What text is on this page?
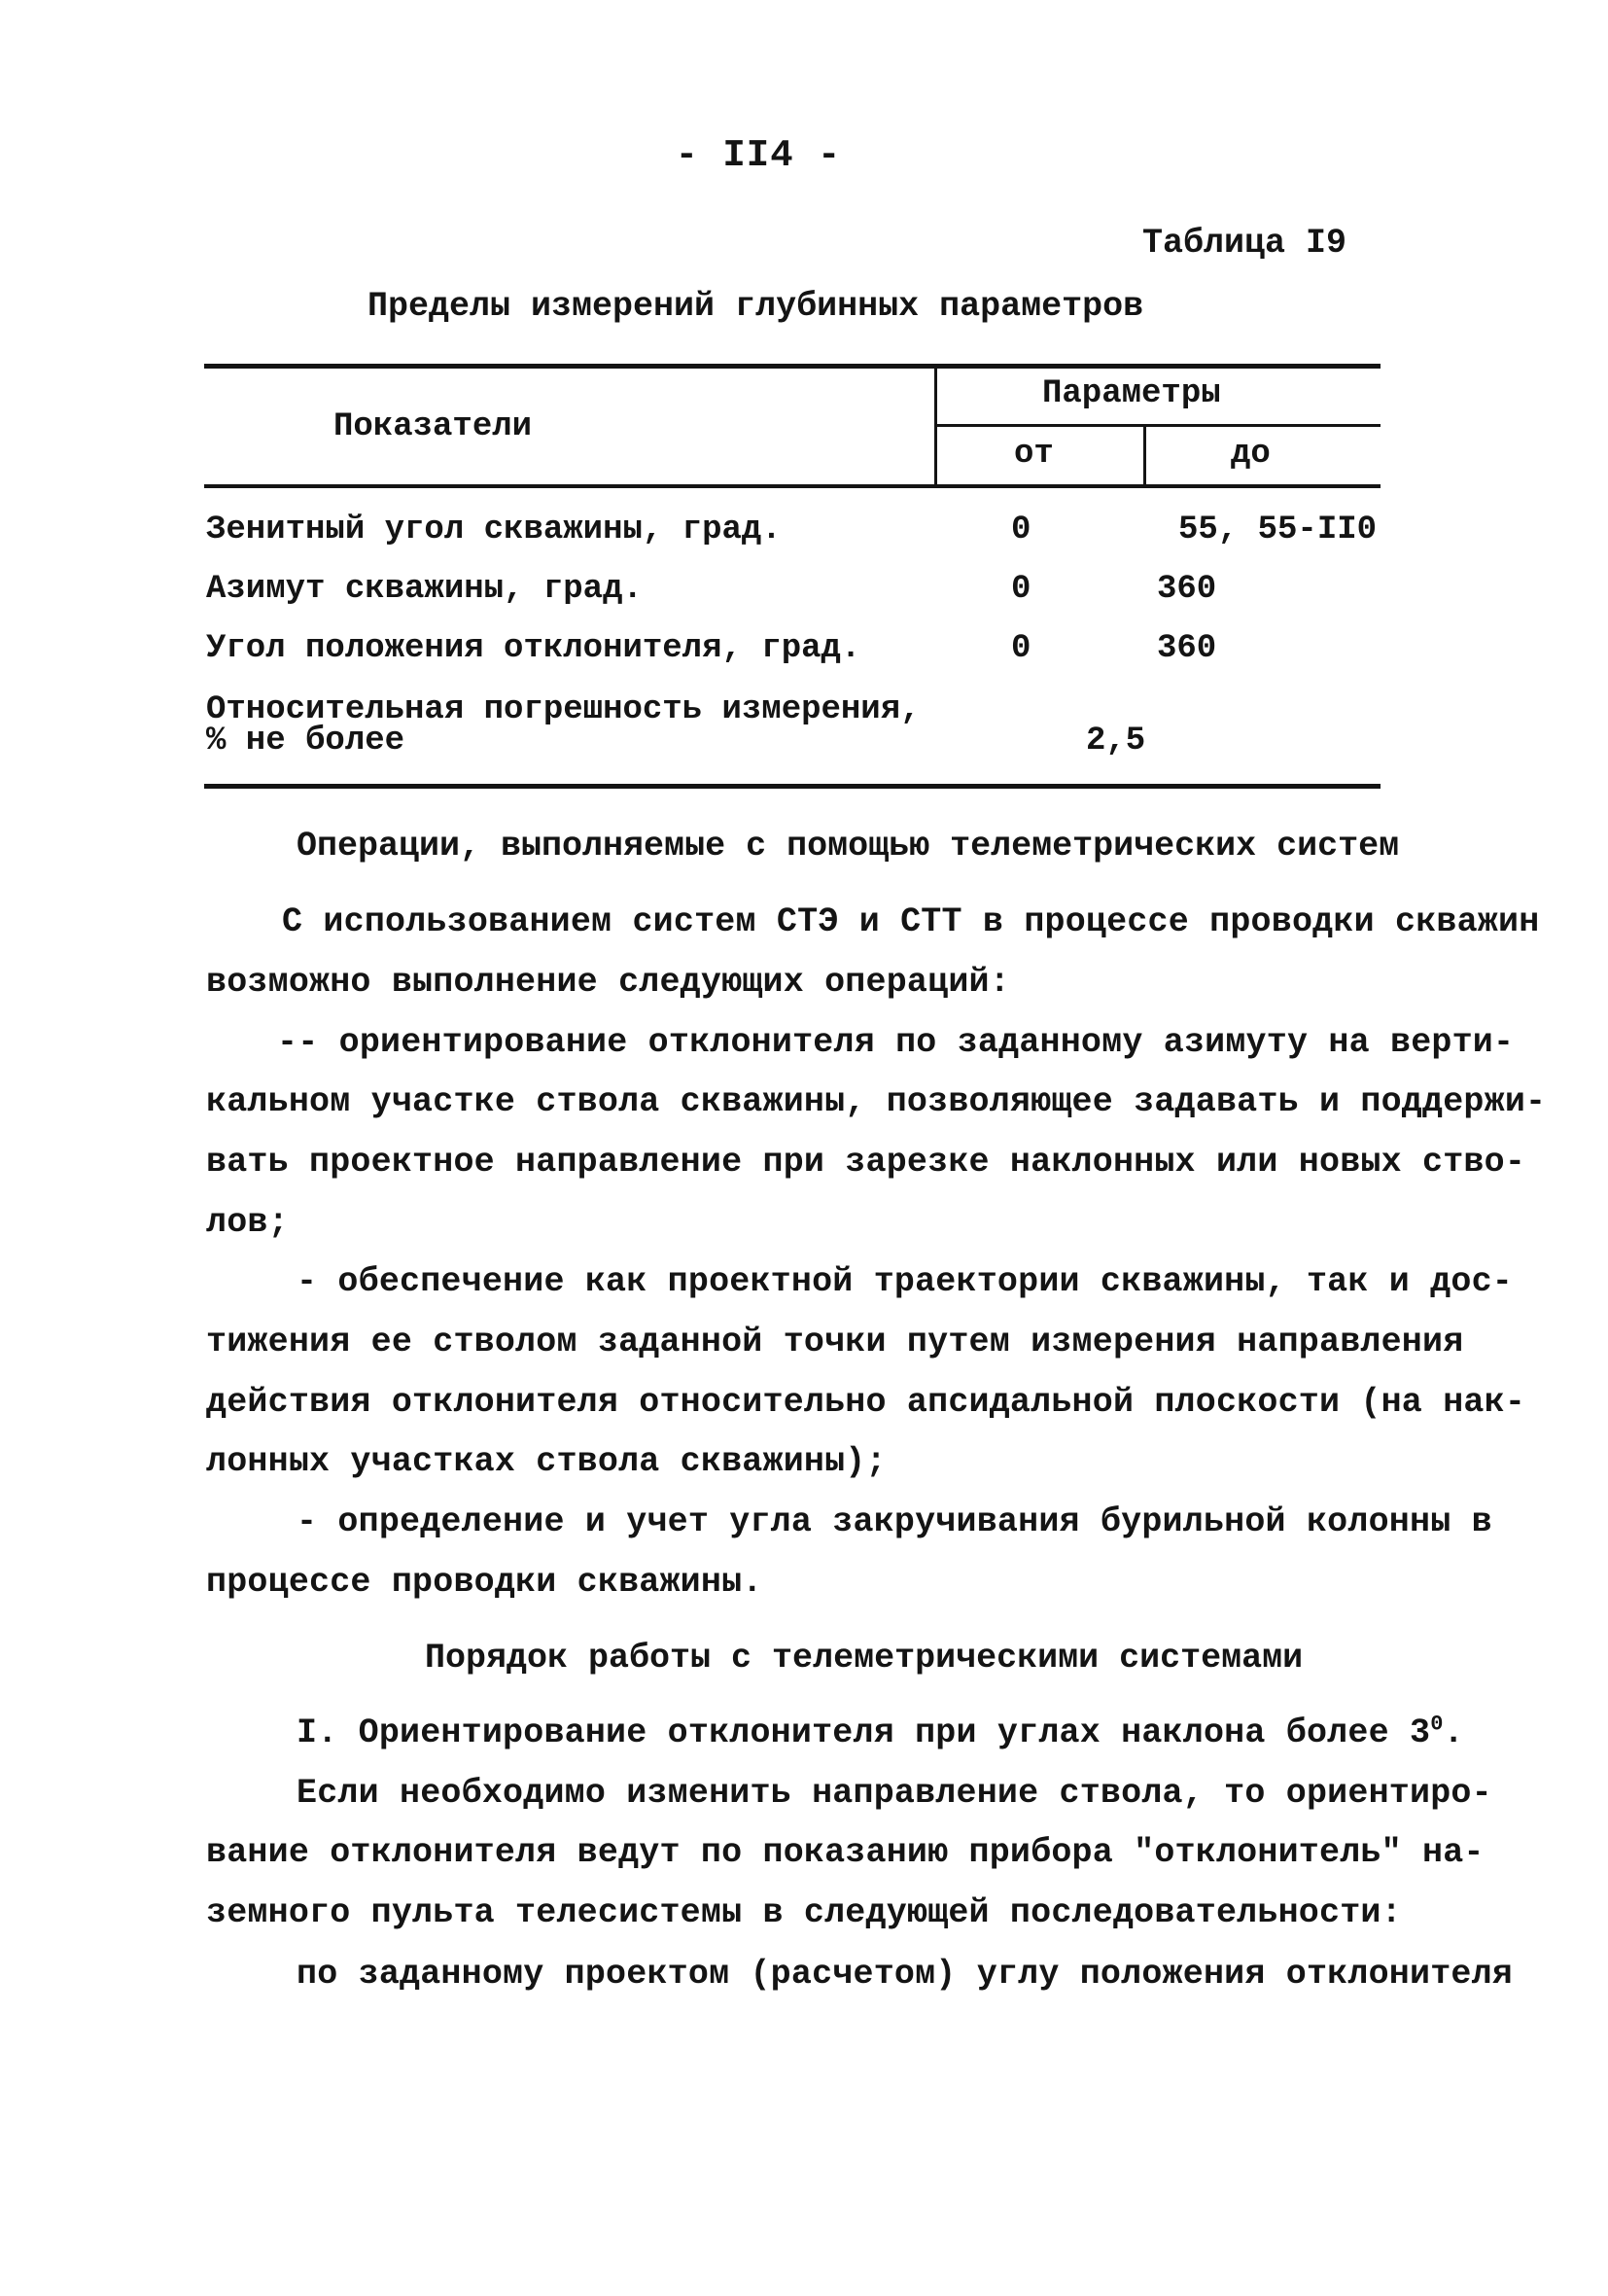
- II4 -
Таблица I9
Пределы измерений глубинных параметров
Показатели
Параметры
от	до
Зенитный угол скважины, град.	0	55, 55-II0
Азимут скважины, град.	0	360
Угол положения отклонителя, град.	0	360
Относительная погрешность измерения,
% не более	2,5
Операции, выполняемые с помощью телеметрических систем
С использованием систем СТЭ и СТТ в процессе проводки скважин
возможно выполнение следующих операций:
-- ориентирование отклонителя по заданному азимуту на верти-
кальном участке ствола скважины, позволяющее задавать и поддержи-
вать проектное направление при зарезке наклонных или новых ство-
лов;
- обеспечение как проектной траектории скважины, так и дос-
тижения ее стволом заданной точки путем измерения направления
действия отклонителя относительно апсидальной плоскости (на нак-
лонных участках ствола скважины);
- определение и учет угла закручивания бурильной колонны в
процессе проводки скважины.
Порядок работы с телеметрическими системами
I. Ориентирование отклонителя при углах наклона более $3^0$.
Если необходимо изменить направление ствола, то ориентиро-
вание отклонителя ведут по показанию прибора "отклонитель" на-
земного пульта телесистемы в следующей последовательности:
по заданному проектом (расчетом) углу положения отклонителя
